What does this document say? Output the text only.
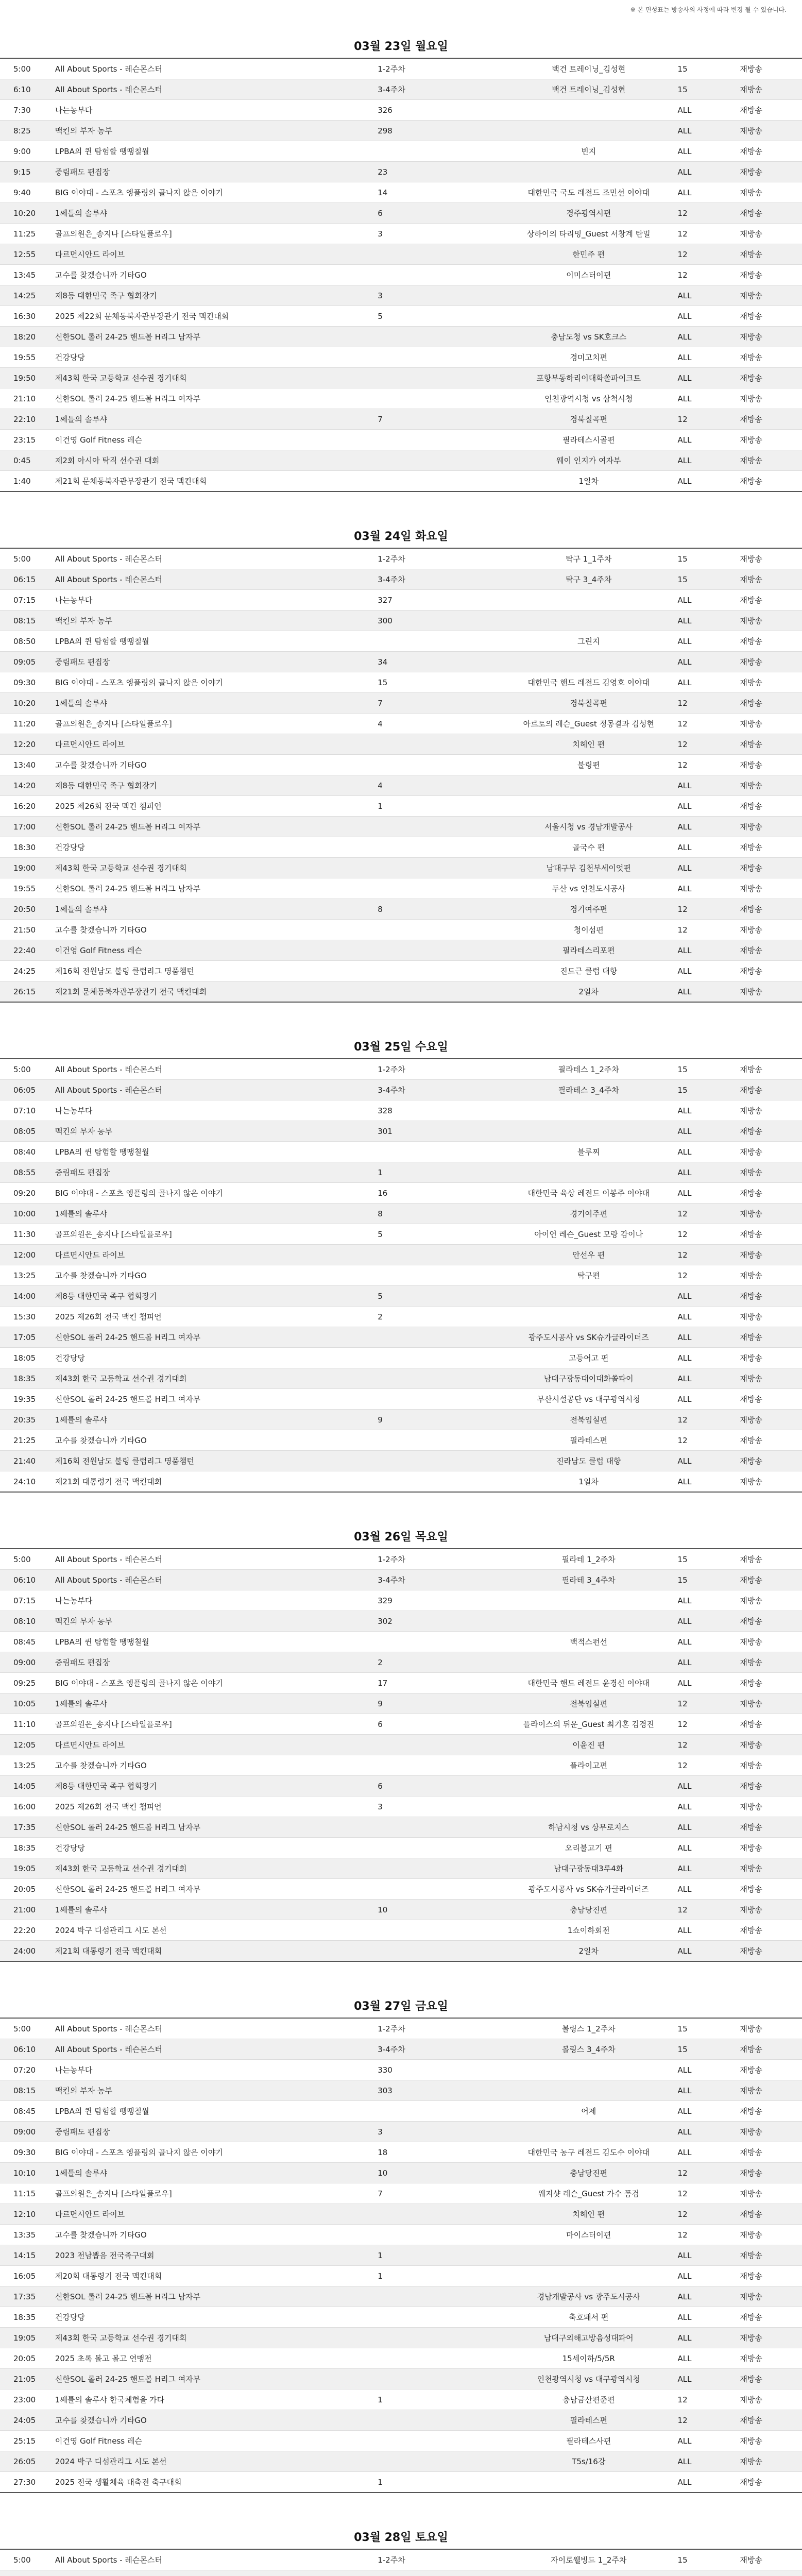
※ 본 편성표는 방송사의 사정에 따라 변경 될 수 있습니다.
03월 23일 월요일
5:00	All About Sports - 레슨몬스터	1-2주차	백건 트레이닝_김성현	15	재방송
6:10	All About Sports - 레슨몬스터	3-4주차	백건 트레이닝_김성현	15	재방송
7:30	나는농부다	326		ALL	재방송
8:25	맥킨의 부자 농부	298		ALL	재방송
9:00	LPBA의 퀸 탐험할 땡땡칠월		빈지	ALL	재방송
9:15	중림패도 편집장	23		ALL	재방송
9:40	BIG 이야대 - 스포츠 엥플링의 골나지 않은 이야기	14	대한민국 국도 레전드 조민선 이야대	ALL	재방송
10:20	1쎄틀의 솔루샤	6	경주광역시편	12	재방송
11:25	골프의원은_송지나 [스타일플로우]	3	상하이의 타리밍_Guest 서창계 탄밀	12	재방송
12:55	다르면시안드 라이브		한민주 편	12	재방송
13:45	고수를 찾겠습니까 기타GO		이미스터이편	12	재방송
14:25	제8등 대한민국 족구 협회장기	3		ALL	재방송
16:30	2025 제22회 문체동북자관부장관기 전국 맥킨대회	5		ALL	재방송
18:20	신한SOL 롤러 24-25 핸드볼 H리그 남자부		충남도청 vs SK호크스	ALL	재방송
19:55	건강당당		경미고치편	ALL	재방송
19:50	제43회 한국 고등학교 선수권 경기대회		포항부동하리이대화쏠파이크트	ALL	재방송
21:10	신한SOL 롤러 24-25 핸드볼 H리그 여자부		인천광역시청 vs 삼척시청	ALL	재방송
22:10	1쎄틀의 솔루샤	7	경북칠곡편	12	재방송
23:15	이건영 Golf Fitness 레슨		필라테스시골편	ALL	재방송
0:45	제2회 아시아 탁직 선수권 대회		웨이 인지가 여자부	ALL	재방송
1:40	제21회 문체동북자관부장관기 전국 맥킨대회		1일차	ALL	재방송
03월 24일 화요일
5:00	All About Sports - 레슨몬스터	1-2주차	탁구 1_1주차	15	재방송
06:15	All About Sports - 레슨몬스터	3-4주차	탁구 3_4주차	15	재방송
07:15	나는농부다	327		ALL	재방송
08:15	맥킨의 부자 농부	300		ALL	재방송
08:50	LPBA의 퀸 탐험할 땡땡칠월		그린지	ALL	재방송
09:05	중림패도 편집장	34		ALL	재방송
09:30	BIG 이야대 - 스포츠 엥플링의 골나지 않은 이야기	15	대한민국 핸드 레전드 김영호 이야대	ALL	재방송
10:20	1쎄틀의 솔루샤	7	경북칠곡편	12	재방송
11:20	골프의원은_송지나 [스타일플로우]	4	아르토의 레슨_Guest 정몽결과 김성현	12	재방송
12:20	다르면시안드 라이브		치헤인 편	12	재방송
13:40	고수를 찾겠습니까 기타GO		불링편	12	재방송
14:20	제8등 대한민국 족구 협회장기	4		ALL	재방송
16:20	2025 제26회 전국 맥킨 챔피언	1		ALL	재방송
17:00	신한SOL 롤러 24-25 핸드볼 H리그 여자부		서울시청 vs 경남개발공사	ALL	재방송
18:30	건강당당		골국수 편	ALL	재방송
19:00	제43회 한국 고등학교 선수권 경기대회		남대구부 김천부세이엇편	ALL	재방송
19:55	신한SOL 롤러 24-25 핸드볼 H리그 남자부		두산 vs 인천도시공사	ALL	재방송
20:50	1쎄틀의 솔루샤	8	경기여주편	12	재방송
21:50	고수를 찾겠습니까 기타GO		청이섬편	12	재방송
22:40	이건영 Golf Fitness 레슨		필라테스리포편	ALL	재방송
24:25	제16회 전원남도 불링 클럽리그 명품챔턴		진드근 클럽 대항	ALL	재방송
26:15	제21회 문체동북자관부장관기 전국 맥킨대회		2일차	ALL	재방송
03월 25일 수요일
5:00	All About Sports - 레슨몬스터	1-2주차	필라테스 1_2주차	15	재방송
06:05	All About Sports - 레슨몬스터	3-4주차	필라테스 3_4주차	15	재방송
07:10	나는농부다	328		ALL	재방송
08:05	맥킨의 부자 농부	301		ALL	재방송
08:40	LPBA의 퀸 탐험할 땡땡칠월		블루찌	ALL	재방송
08:55	중림패도 편집장	1		ALL	재방송
09:20	BIG 이야대 - 스포츠 엥플링의 골나지 않은 이야기	16	대한민국 육상 레전드 이봉주 이야대	ALL	재방송
10:00	1쎄틀의 솔루샤	8	경기여주편	12	재방송
11:30	골프의원은_송지나 [스타일플로우]	5	아이언 레슨_Guest 모랑 감이나	12	재방송
12:00	다르면시안드 라이브		안선우 편	12	재방송
13:25	고수를 찾겠습니까 기타GO		탁구편	12	재방송
14:00	제8등 대한민국 족구 협회장기	5		ALL	재방송
15:30	2025 제26회 전국 맥킨 챔피언	2		ALL	재방송
17:05	신한SOL 롤러 24-25 핸드볼 H리그 여자부		광주도시공사 vs SK슈가글라이더즈	ALL	재방송
18:05	건강당당		고등어고 편	ALL	재방송
18:35	제43회 한국 고등학교 선수권 경기대회		남대구광동대이대화쏠파이	ALL	재방송
19:35	신한SOL 롤러 24-25 핸드볼 H리그 여자부		부산시설공단 vs 대구광역시청	ALL	재방송
20:35	1쎄틀의 솔루샤	9	전북임실편	12	재방송
21:25	고수를 찾겠습니까 기타GO		필라테스편	12	재방송
21:40	제16회 전원남도 불링 클럽리그 명품챔턴		진라남도 클럽 대항	ALL	재방송
24:10	제21회 대통령기 전국 맥킨대회		1일차	ALL	재방송
03월 26일 목요일
5:00	All About Sports - 레슨몬스터	1-2주차	필라테 1_2주차	15	재방송
06:10	All About Sports - 레슨몬스터	3-4주차	필라테 3_4주차	15	재방송
07:15	나는농부다	329		ALL	재방송
08:10	맥킨의 부자 농부	302		ALL	재방송
08:45	LPBA의 퀸 탐험할 땡땡칠월		백적스펀선	ALL	재방송
09:00	중림패도 편집장	2		ALL	재방송
09:25	BIG 이야대 - 스포츠 엥플링의 골나지 않은 이야기	17	대한민국 핸드 레전드 윤경신 이야대	ALL	재방송
10:05	1쎄틀의 솔루샤	9	전북임실편	12	재방송
11:10	골프의원은_송지나 [스타일플로우]	6	플라이스의 뒤운_Guest 최기혼 김경진	12	재방송
12:05	다르면시안드 라이브		이윤진 편	12	재방송
13:25	고수를 찾겠습니까 기타GO		플라이고편	12	재방송
14:05	제8등 대한민국 족구 협회장기	6		ALL	재방송
16:00	2025 제26회 전국 맥킨 챔피언	3		ALL	재방송
17:35	신한SOL 롤러 24-25 핸드볼 H리그 남자부		하남시청 vs 상무로지스	ALL	재방송
18:35	건강당당		오리불고기 편	ALL	재방송
19:05	제43회 한국 고등학교 선수권 경기대회		남대구광동대3루4화	ALL	재방송
20:05	신한SOL 롤러 24-25 핸드볼 H리그 여자부		광주도시공사 vs SK슈가글라이더즈	ALL	재방송
21:00	1쎄틀의 솔루샤	10	충남당진편	12	재방송
22:20	2024 박구 디섬관리그 시도 본선		1쇼이하회전	ALL	재방송
24:00	제21회 대통령기 전국 맥킨대회		2일차	ALL	재방송
03월 27일 금요일
5:00	All About Sports - 레슨몬스터	1-2주차	볼링스 1_2주차	15	재방송
06:10	All About Sports - 레슨몬스터	3-4주차	볼링스 3_4주차	15	재방송
07:20	나는농부다	330		ALL	재방송
08:15	맥킨의 부자 농부	303		ALL	재방송
08:45	LPBA의 퀸 탐험할 땡땡칠월		어제	ALL	재방송
09:00	중림패도 편집장	3		ALL	재방송
09:30	BIG 이야대 - 스포츠 엥플링의 골나지 않은 이야기	18	대한민국 농구 레전드 김도수 이야대	ALL	재방송
10:10	1쎄틀의 솔루샤	10	충남당진편	12	재방송
11:15	골프의원은_송지나 [스타일플로우]	7	웨지샷 레슨_Guest 가수 폼검	12	재방송
12:10	다르면시안드 라이브		치헤인 편	12	재방송
13:35	고수를 찾겠습니까 기타GO		마이스터이편	12	재방송
14:15	2023 전남뽑음 전국족구대회	1		ALL	재방송
16:05	제20회 대통령기 전국 맥킨대회	1		ALL	재방송
17:35	신한SOL 롤러 24-25 핸드볼 H리그 남자부		경남개발공사 vs 광주도시공사	ALL	재방송
18:35	건강당당		축호돼서 편	ALL	재방송
19:05	제43회 한국 고등학교 선수권 경기대회		남대구외해고방음성대파어	ALL	재방송
20:05	2025 초록 볼고 볼고 연맹전		15세이하/5/5R	ALL	재방송
21:05	신한SOL 롤러 24-25 핸드볼 H리그 여자부		인천광역시청 vs 대구광역시청	ALL	재방송
23:00	1쎄틀의 솔루샤 한국체험을 가다	1	충남금산편준편	12	재방송
24:05	고수를 찾겠습니까 기타GO		필라테스편	12	재방송
25:15	이건영 Golf Fitness 레슨		필라테스사편	ALL	재방송
26:05	2024 박구 디섬관리그 시도 본선		T5s/16강	ALL	재방송
27:30	2025 전국 생활체육 대축전 축구대회	1		ALL	재방송
03월 28일 토요일
5:00	All About Sports - 레슨몬스터	1-2주차	자이로웰빙드 1_2주차	15	재방송
